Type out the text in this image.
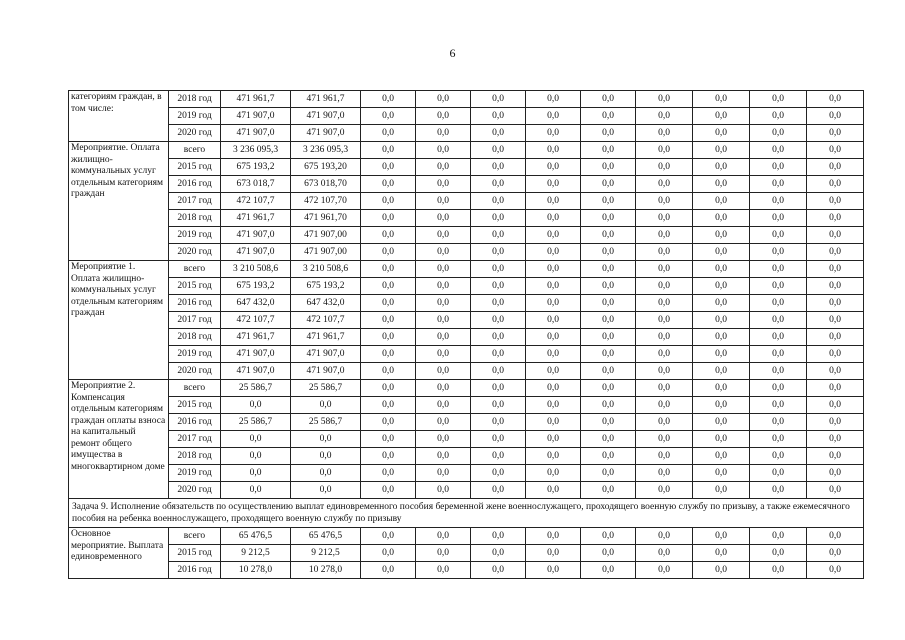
6
категориям граждан, в том числе:	2018 год	471 961,7	471 961,7	0,0	0,0	0,0	0,0	0,0	0,0	0,0	0,0	0,0
	2019 год	471 907,0	471 907,0	0,0	0,0	0,0	0,0	0,0	0,0	0,0	0,0	0,0
	2020 год	471 907,0	471 907,0	0,0	0,0	0,0	0,0	0,0	0,0	0,0	0,0	0,0
Мероприятие. Оплата жилищно-коммунальных услуг отдельным категориям граждан	всего	3 236 095,3	3 236 095,3	0,0	0,0	0,0	0,0	0,0	0,0	0,0	0,0	0,0
	2015 год	675 193,2	675 193,20	0,0	0,0	0,0	0,0	0,0	0,0	0,0	0,0	0,0
	2016 год	673 018,7	673 018,70	0,0	0,0	0,0	0,0	0,0	0,0	0,0	0,0	0,0
	2017 год	472 107,7	472 107,70	0,0	0,0	0,0	0,0	0,0	0,0	0,0	0,0	0,0
	2018 год	471 961,7	471 961,70	0,0	0,0	0,0	0,0	0,0	0,0	0,0	0,0	0,0
	2019 год	471 907,0	471 907,00	0,0	0,0	0,0	0,0	0,0	0,0	0,0	0,0	0,0
	2020 год	471 907,0	471 907,00	0,0	0,0	0,0	0,0	0,0	0,0	0,0	0,0	0,0
Мероприятие 1. Оплата жилищно-коммунальных услуг отдельным категориям граждан	всего	3 210 508,6	3 210 508,6	0,0	0,0	0,0	0,0	0,0	0,0	0,0	0,0	0,0
	2015 год	675 193,2	675 193,2	0,0	0,0	0,0	0,0	0,0	0,0	0,0	0,0	0,0
	2016 год	647 432,0	647 432,0	0,0	0,0	0,0	0,0	0,0	0,0	0,0	0,0	0,0
	2017 год	472 107,7	472 107,7	0,0	0,0	0,0	0,0	0,0	0,0	0,0	0,0	0,0
	2018 год	471 961,7	471 961,7	0,0	0,0	0,0	0,0	0,0	0,0	0,0	0,0	0,0
	2019 год	471 907,0	471 907,0	0,0	0,0	0,0	0,0	0,0	0,0	0,0	0,0	0,0
	2020 год	471 907,0	471 907,0	0,0	0,0	0,0	0,0	0,0	0,0	0,0	0,0	0,0
Мероприятие 2. Компенсация отдельным категориям граждан оплаты взноса на капитальный ремонт общего имущества в многоквартирном доме	всего	25 586,7	25 586,7	0,0	0,0	0,0	0,0	0,0	0,0	0,0	0,0	0,0
	2015 год	0,0	0,0	0,0	0,0	0,0	0,0	0,0	0,0	0,0	0,0	0,0
	2016 год	25 586,7	25 586,7	0,0	0,0	0,0	0,0	0,0	0,0	0,0	0,0	0,0
	2017 год	0,0	0,0	0,0	0,0	0,0	0,0	0,0	0,0	0,0	0,0	0,0
	2018 год	0,0	0,0	0,0	0,0	0,0	0,0	0,0	0,0	0,0	0,0	0,0
	2019 год	0,0	0,0	0,0	0,0	0,0	0,0	0,0	0,0	0,0	0,0	0,0
	2020 год	0,0	0,0	0,0	0,0	0,0	0,0	0,0	0,0	0,0	0,0	0,0
Задача 9. Исполнение обязательств по осуществлению выплат единовременного пособия беременной жене военнослужащего, проходящего военную службу по призыву, а также ежемесячного пособия на ребенка военнослужащего, проходящего военную службу по призыву												
Основное мероприятие. Выплата единовременного	всего	65 476,5	65 476,5	0,0	0,0	0,0	0,0	0,0	0,0	0,0	0,0	0,0
	2015 год	9 212,5	9 212,5	0,0	0,0	0,0	0,0	0,0	0,0	0,0	0,0	0,0
	2016 год	10 278,0	10 278,0	0,0	0,0	0,0	0,0	0,0	0,0	0,0	0,0	0,0
